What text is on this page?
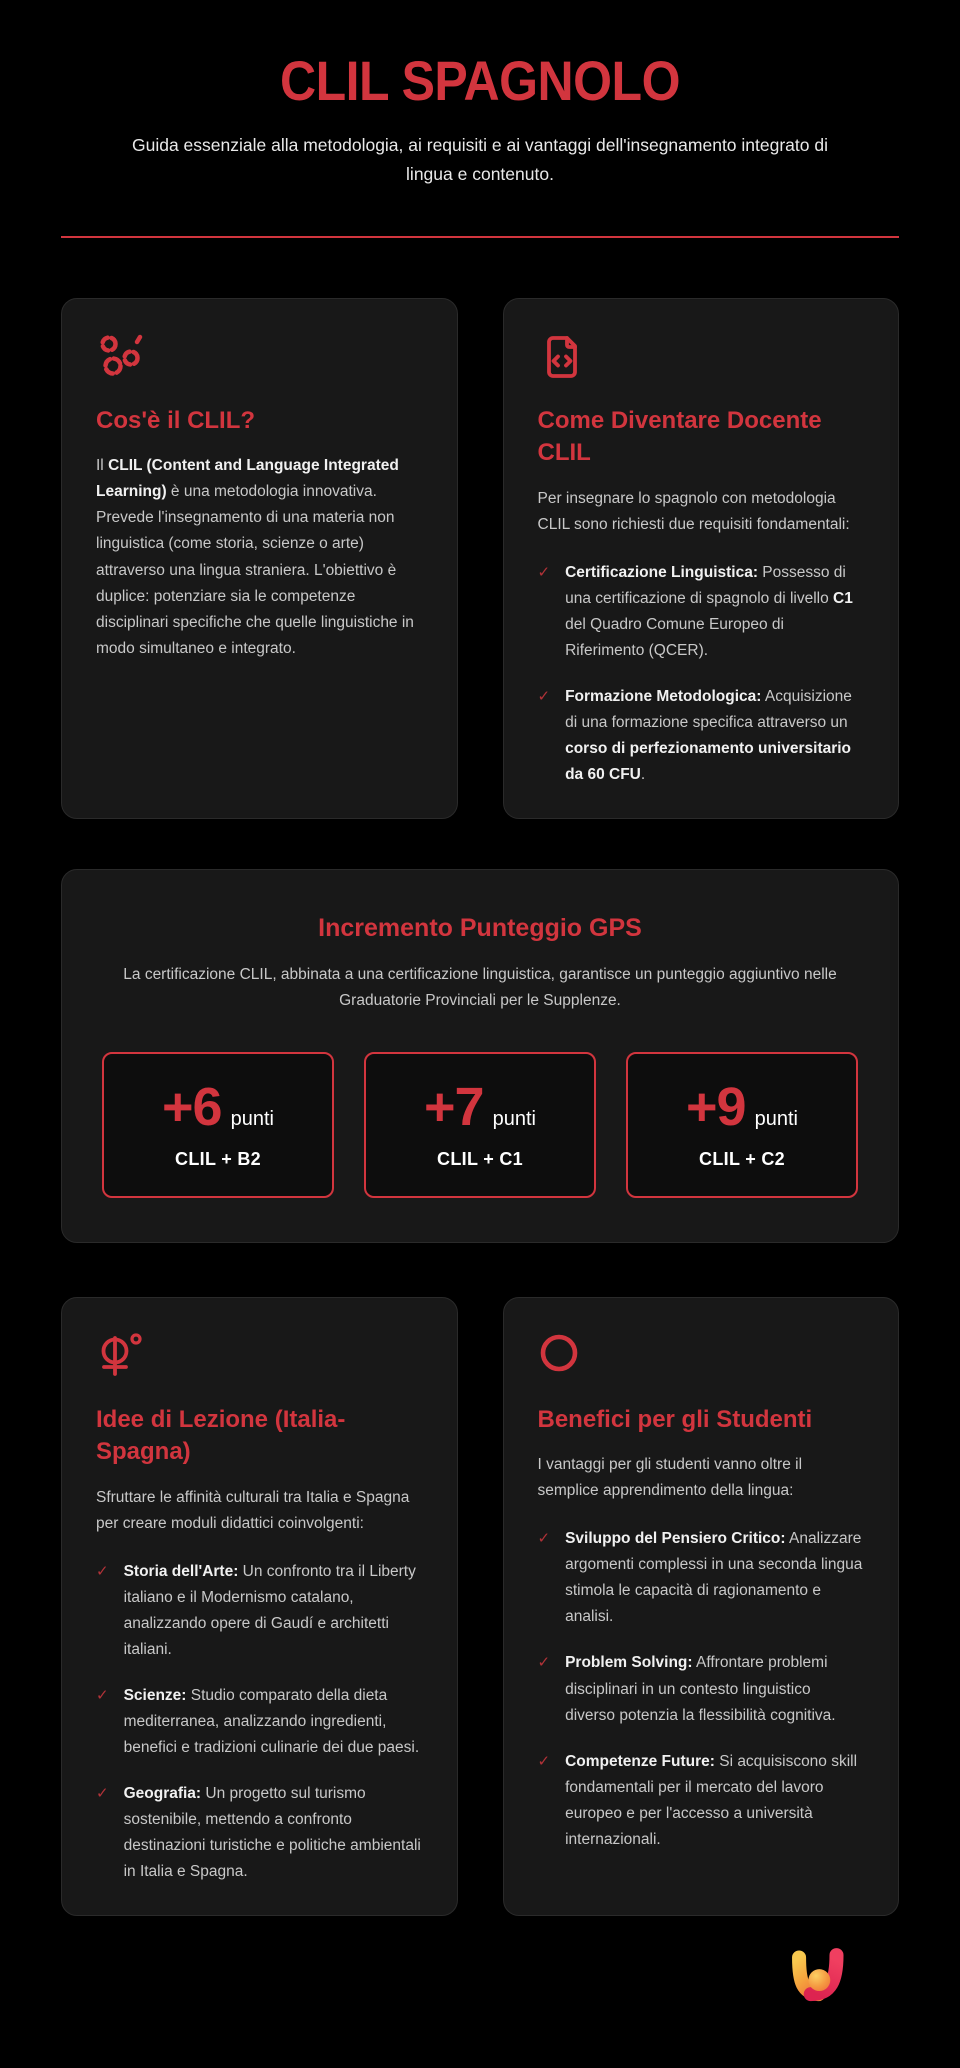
CLIL SPAGNOLO

Guida essenziale alla metodologia, ai requisiti e ai vantaggi dell'insegnamento integrato di lingua e contenuto.

Cos'è il CLIL?

Il CLIL (Content and Language Integrated Learning) è una metodologia innovativa. Prevede l'insegnamento di una materia non linguistica (come storia, scienze o arte) attraverso una lingua straniera. L'obiettivo è duplice: potenziare sia le competenze disciplinari specifiche che quelle linguistiche in modo simultaneo e integrato.

Come Diventare Docente CLIL

Per insegnare lo spagnolo con metodologia CLIL sono richiesti due requisiti fondamentali:

✓ Certificazione Linguistica: Possesso di una certificazione di spagnolo di livello C1 del Quadro Comune Europeo di Riferimento (QCER).
✓ Formazione Metodologica: Acquisizione di una formazione specifica attraverso un corso di perfezionamento universitario da 60 CFU.
Incremento Punteggio GPS

La certificazione CLIL, abbinata a una certificazione linguistica, garantisce un punteggio aggiuntivo nelle Graduatorie Provinciali per le Supplenze.

+6 punti
CLIL + B2
+7 punti
CLIL + C1
+9 punti
CLIL + C2
Idee di Lezione (Italia-Spagna)

Sfruttare le affinità culturali tra Italia e Spagna per creare moduli didattici coinvolgenti:

✓ Storia dell'Arte: Un confronto tra il Liberty italiano e il Modernismo catalano, analizzando opere di Gaudí e architetti italiani.
✓ Scienze: Studio comparato della dieta mediterranea, analizzando ingredienti, benefici e tradizioni culinarie dei due paesi.
✓ Geografia: Un progetto sul turismo sostenibile, mettendo a confronto destinazioni turistiche e politiche ambientali in Italia e Spagna.
Benefici per gli Studenti

I vantaggi per gli studenti vanno oltre il semplice apprendimento della lingua:

✓ Sviluppo del Pensiero Critico: Analizzare argomenti complessi in una seconda lingua stimola le capacità di ragionamento e analisi.
✓ Problem Solving: Affrontare problemi disciplinari in un contesto linguistico diverso potenzia la flessibilità cognitiva.
✓ Competenze Future: Si acquisiscono skill fondamentali per il mercato del lavoro europeo e per l'accesso a università internazionali.
